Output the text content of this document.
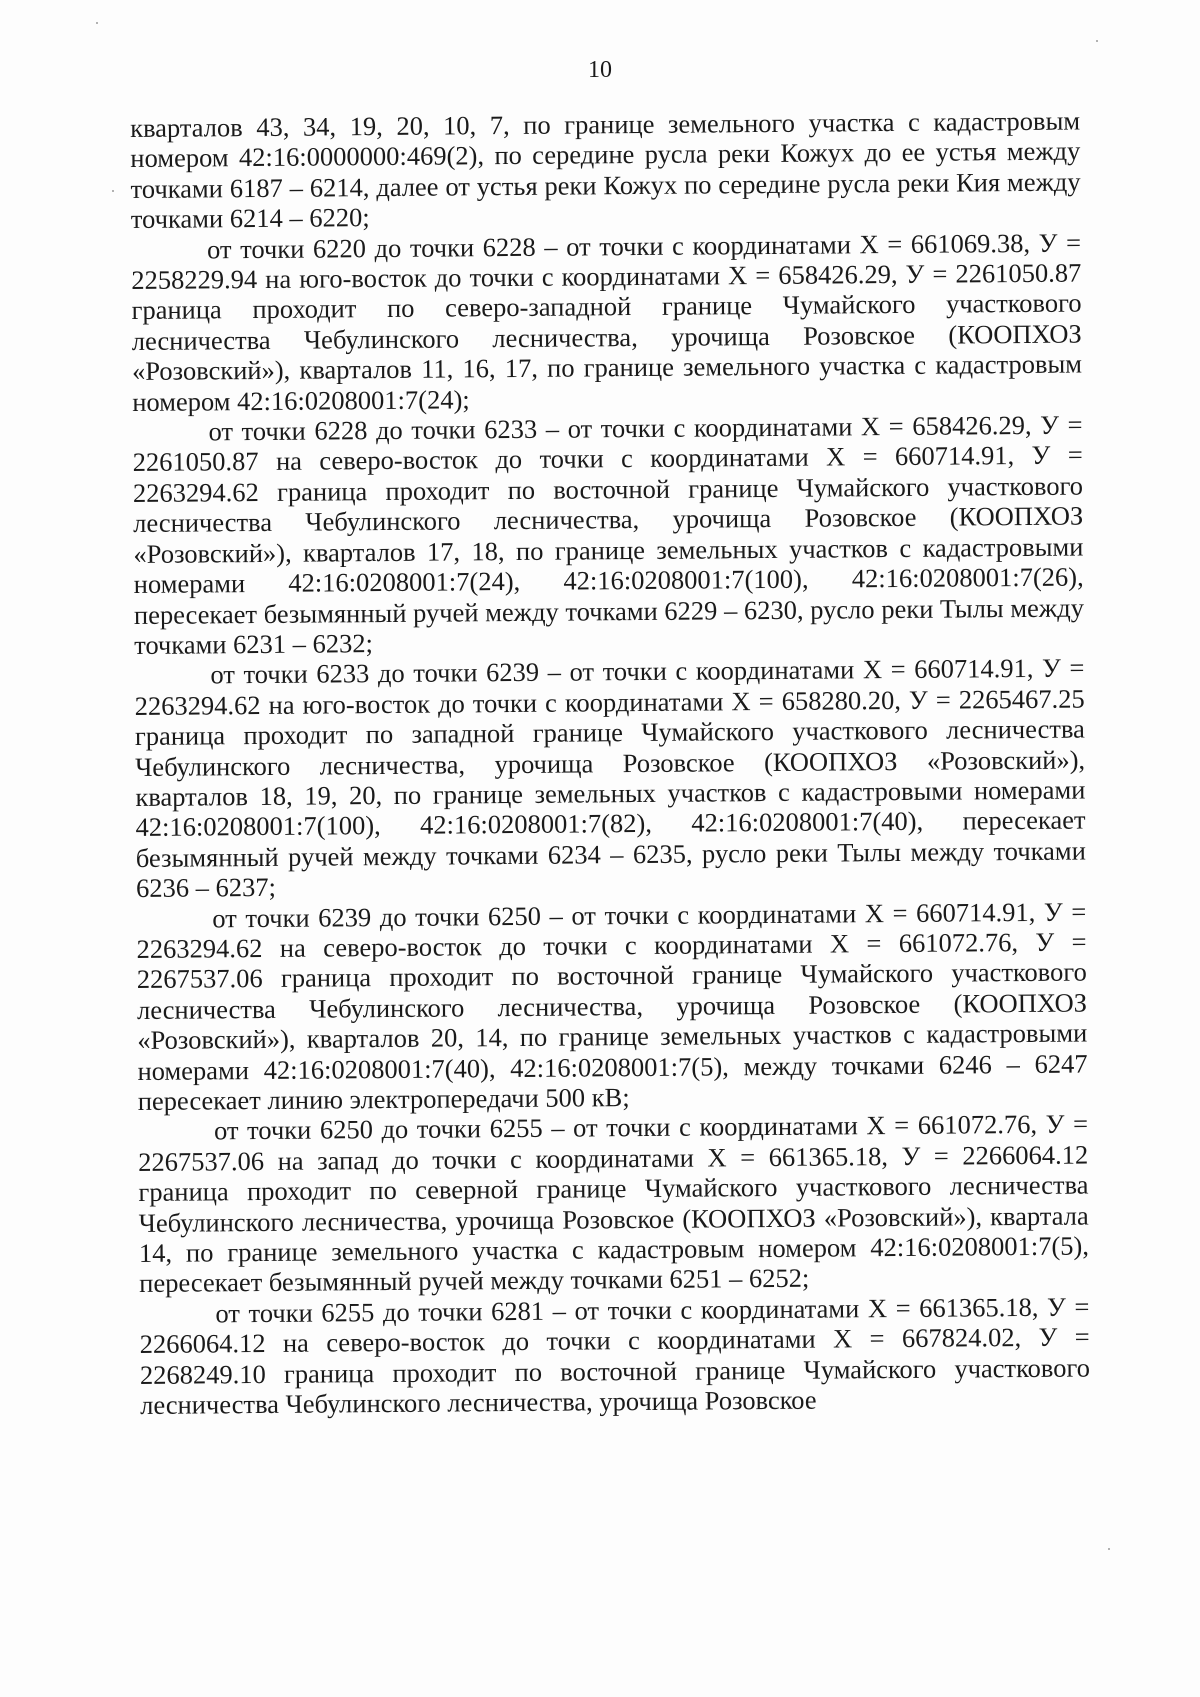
10

кварталов 43, 34, 19, 20, 10, 7, по границе земельного участка с кадастровым номером 42:16:0000000:469(2), по середине русла реки Кожух до ее устья между точками 6187 – 6214, далее от устья реки Кожух по середине русла реки Кия между точками 6214 – 6220;

от точки 6220 до точки 6228 – от точки с координатами Х = 661069.38, У = 2258229.94 на юго-восток до точки с координатами Х = 658426.29, У = 2261050.87 граница проходит по северо-западной границе Чумайского участкового лесничества Чебулинского лесничества, урочища Розовское (КООПХОЗ «Розовский»), кварталов 11, 16, 17, по границе земельного участка с кадастровым номером 42:16:0208001:7(24);

от точки 6228 до точки 6233 – от точки с координатами Х = 658426.29, У = 2261050.87 на северо-восток до точки с координатами Х = 660714.91, У = 2263294.62 граница проходит по восточной границе Чумайского участкового лесничества Чебулинского лесничества, урочища Розовское (КООПХОЗ «Розовский»), кварталов 17, 18, по границе земельных участков с кадастровыми номерами 42:16:0208001:7(24), 42:16:0208001:7(100), 42:16:0208001:7(26), пересекает безымянный ручей между точками 6229 – 6230, русло реки Тылы между точками 6231 – 6232;

от точки 6233 до точки 6239 – от точки с координатами Х = 660714.91, У = 2263294.62 на юго-восток до точки с координатами Х = 658280.20, У = 2265467.25 граница проходит по западной границе Чумайского участкового лесничества Чебулинского лесничества, урочища Розовское (КООПХОЗ «Розовский»), кварталов 18, 19, 20, по границе земельных участков с кадастровыми номерами 42:16:0208001:7(100), 42:16:0208001:7(82), 42:16:0208001:7(40), пересекает безымянный ручей между точками 6234 – 6235, русло реки Тылы между точками 6236 – 6237;

от точки 6239 до точки 6250 – от точки с координатами Х = 660714.91, У = 2263294.62 на северо-восток до точки с координатами Х = 661072.76, У = 2267537.06 граница проходит по восточной границе Чумайского участкового лесничества Чебулинского лесничества, урочища Розовское (КООПХОЗ «Розовский»), кварталов 20, 14, по границе земельных участков с кадастровыми номерами 42:16:0208001:7(40), 42:16:0208001:7(5), между точками 6246 – 6247 пересекает линию электропередачи 500 кВ;

от точки 6250 до точки 6255 – от точки с координатами Х = 661072.76, У = 2267537.06 на запад до точки с координатами Х = 661365.18, У = 2266064.12 граница проходит по северной границе Чумайского участкового лесничества Чебулинского лесничества, урочища Розовское (КООПХОЗ «Розовский»), квартала 14, по границе земельного участка с кадастровым номером 42:16:0208001:7(5), пересекает безымянный ручей между точками 6251 – 6252;

от точки 6255 до точки 6281 – от точки с координатами Х = 661365.18, У = 2266064.12 на северо-восток до точки с координатами Х = 667824.02, У = 2268249.10 граница проходит по восточной границе Чумайского участкового лесничества Чебулинского лесничества, урочища Розовское
